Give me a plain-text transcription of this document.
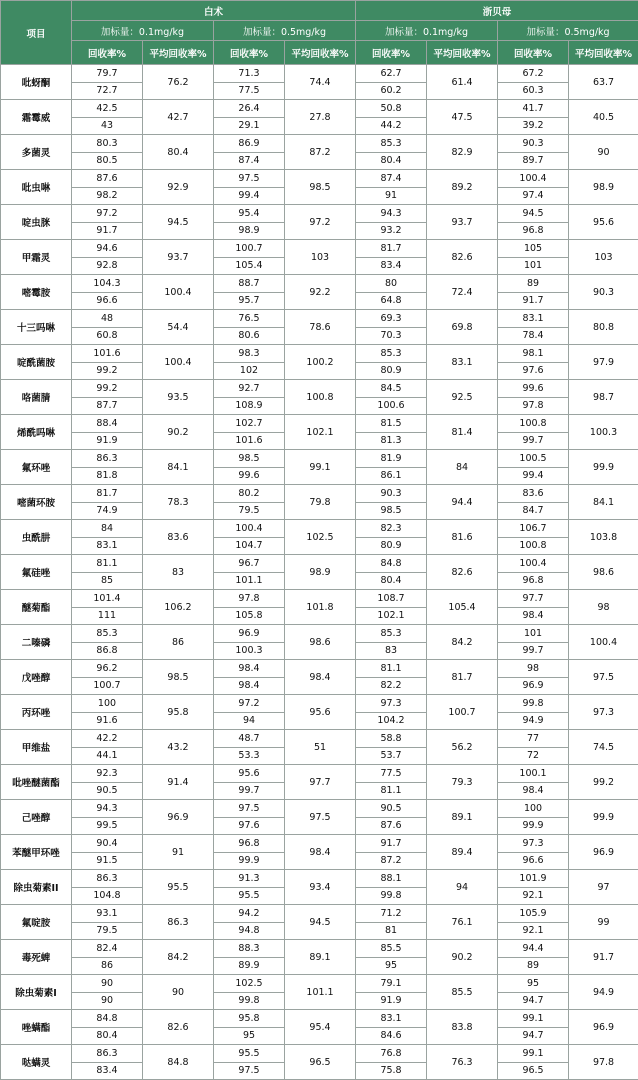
项目	白术				浙贝母			
	加标量：0.1mg/kg		加标量：0.5mg/kg		加标量：0.1mg/kg		加标量：0.5mg/kg	
	回收率%	平均回收率%	回收率%	平均回收率%	回收率%	平均回收率%	回收率%	平均回收率%
吡蚜酮	79.7	76.2	71.3	74.4	62.7	61.4	67.2	63.7
	72.7		77.5		60.2		60.3	
霜霉威	42.5	42.7	26.4	27.8	50.8	47.5	41.7	40.5
	43		29.1		44.2		39.2	
多菌灵	80.3	80.4	86.9	87.2	85.3	82.9	90.3	90
	80.5		87.4		80.4		89.7	
吡虫啉	87.6	92.9	97.5	98.5	87.4	89.2	100.4	98.9
	98.2		99.4		91		97.4	
啶虫脒	97.2	94.5	95.4	97.2	94.3	93.7	94.5	95.6
	91.7		98.9		93.2		96.8	
甲霜灵	94.6	93.7	100.7	103	81.7	82.6	105	103
	92.8		105.4		83.4		101	
嘧霉胺	104.3	100.4	88.7	92.2	80	72.4	89	90.3
	96.6		95.7		64.8		91.7	
十三吗啉	48	54.4	76.5	78.6	69.3	69.8	83.1	80.8
	60.8		80.6		70.3		78.4	
啶酰菌胺	101.6	100.4	98.3	100.2	85.3	83.1	98.1	97.9
	99.2		102		80.9		97.6	
咯菌腈	99.2	93.5	92.7	100.8	84.5	92.5	99.6	98.7
	87.7		108.9		100.6		97.8	
烯酰吗啉	88.4	90.2	102.7	102.1	81.5	81.4	100.8	100.3
	91.9		101.6		81.3		99.7	
氟环唑	86.3	84.1	98.5	99.1	81.9	84	100.5	99.9
	81.8		99.6		86.1		99.4	
嘧菌环胺	81.7	78.3	80.2	79.8	90.3	94.4	83.6	84.1
	74.9		79.5		98.5		84.7	
虫酰肼	84	83.6	100.4	102.5	82.3	81.6	106.7	103.8
	83.1		104.7		80.9		100.8	
氟硅唑	81.1	83	96.7	98.9	84.8	82.6	100.4	98.6
	85		101.1		80.4		96.8	
醚菊酯	101.4	106.2	97.8	101.8	108.7	105.4	97.7	98
	111		105.8		102.1		98.4	
二嗪磷	85.3	86	96.9	98.6	85.3	84.2	101	100.4
	86.8		100.3		83		99.7	
戊唑醇	96.2	98.5	98.4	98.4	81.1	81.7	98	97.5
	100.7		98.4		82.2		96.9	
丙环唑	100	95.8	97.2	95.6	97.3	100.7	99.8	97.3
	91.6		94		104.2		94.9	
甲维盐	42.2	43.2	48.7	51	58.8	56.2	77	74.5
	44.1		53.3		53.7		72	
吡唑醚菌酯	92.3	91.4	95.6	97.7	77.5	79.3	100.1	99.2
	90.5		99.7		81.1		98.4	
己唑醇	94.3	96.9	97.5	97.5	90.5	89.1	100	99.9
	99.5		97.6		87.6		99.9	
苯醚甲环唑	90.4	91	96.8	98.4	91.7	89.4	97.3	96.9
	91.5		99.9		87.2		96.6	
除虫菊素II	86.3	95.5	91.3	93.4	88.1	94	101.9	97
	104.8		95.5		99.8		92.1	
氟啶胺	93.1	86.3	94.2	94.5	71.2	76.1	105.9	99
	79.5		94.8		81		92.1	
毒死蜱	82.4	84.2	88.3	89.1	85.5	90.2	94.4	91.7
	86		89.9		95		89	
除虫菊素I	90	90	102.5	101.1	79.1	85.5	95	94.9
	90		99.8		91.9		94.7	
唑螨酯	84.8	82.6	95.8	95.4	83.1	83.8	99.1	96.9
	80.4		95		84.6		94.7	
哒螨灵	86.3	84.8	95.5	96.5	76.8	76.3	99.1	97.8
	83.4		97.5		75.8		96.5	
